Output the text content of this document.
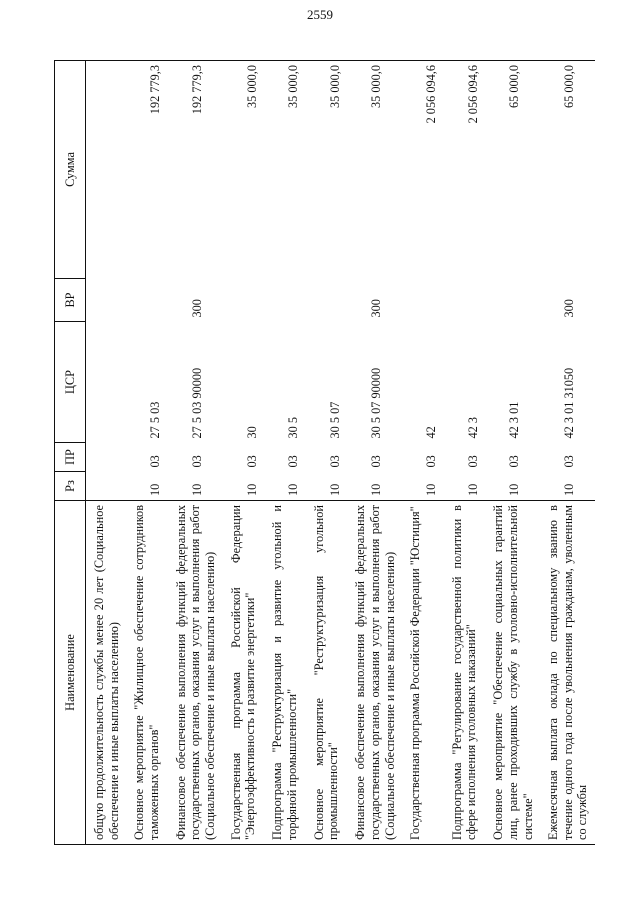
2559
Наименование	Рз	ПР	ЦСР	ВР	Сумма
общую продолжительность службы менее 20 лет (Социальное обеспечение и иные выплаты населению)					
Основное мероприятие "Жилищное обеспечение сотрудников таможенных органов"	10	03	27 5 03		192 779,3
Финансовое обеспечение выполнения функций федеральных государственных органов, оказания услуг и выполнения работ (Социальное обеспечение и иные выплаты населению)	10	03	27 5 03 90000	300	192 779,3
Государственная программа Российской Федерации "Энергоэффективность и развитие энергетики"	10	03	30		35 000,0
Подпрограмма "Реструктуризация и развитие угольной и торфяной промышленности"	10	03	30 5		35 000,0
Основное мероприятие "Реструктуризация угольной промышленности"	10	03	30 5 07		35 000,0
Финансовое обеспечение выполнения функций федеральных государственных органов, оказания услуг и выполнения работ (Социальное обеспечение и иные выплаты населению)	10	03	30 5 07 90000	300	35 000,0
Государственная программа Российской Федерации "Юстиция"	10	03	42		2 056 094,6
Подпрограмма "Регулирование государственной политики в сфере исполнения уголовных наказаний"	10	03	42 3		2 056 094,6
Основное мероприятие "Обеспечение социальных гарантий лиц, ранее проходивших службу в уголовно-исполнительной системе"	10	03	42 3 01		65 000,0
Ежемесячная выплата оклада по специальному званию в течение одного года после увольнения гражданам, уволенным со службы	10	03	42 3 01 31050	300	65 000,0
